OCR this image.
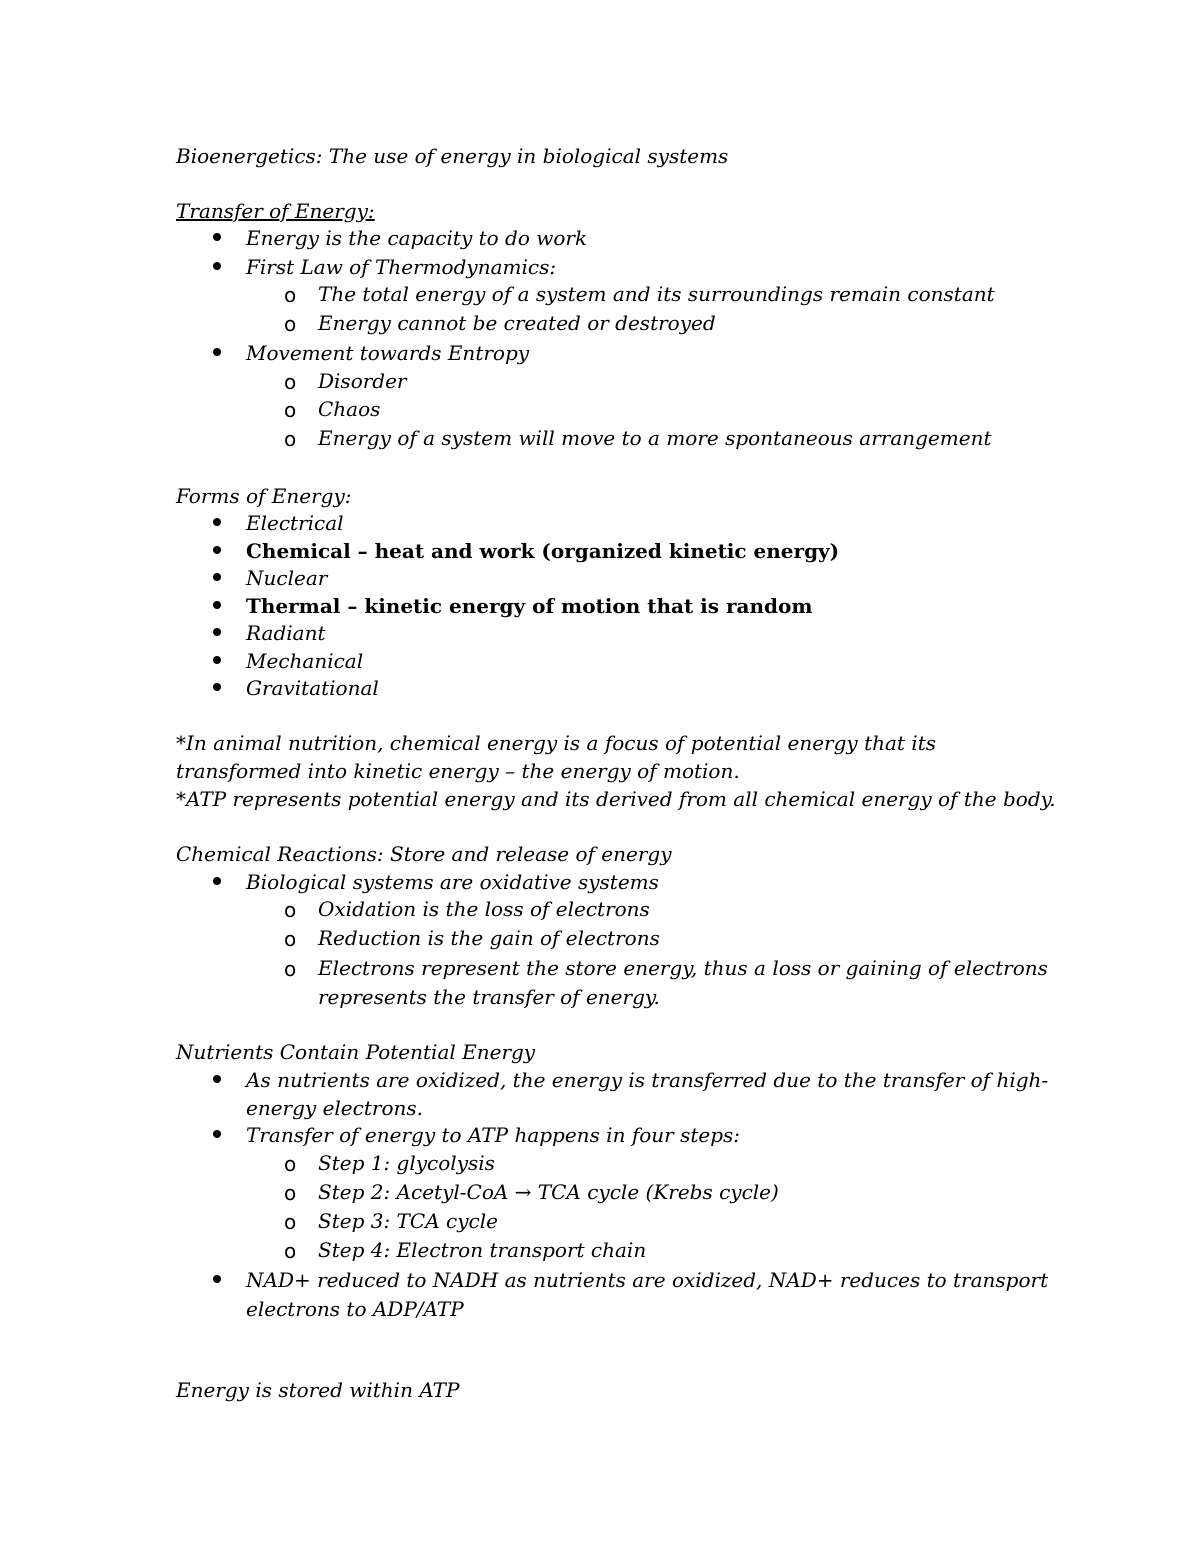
Bioenergetics: The use of energy in biological systems
Transfer of Energy:
Energy is the capacity to do work
First Law of Thermodynamics:
o The total energy of a system and its surroundings remain constant
o Energy cannot be created or destroyed
Movement towards Entropy
o Disorder
o Chaos
o Energy of a system will move to a more spontaneous arrangement
Forms of Energy:
Electrical
Chemical – heat and work (organized kinetic energy)
Nuclear
Thermal – kinetic energy of motion that is random
Radiant
Mechanical
Gravitational
*In animal nutrition, chemical energy is a focus of potential energy that its
transformed into kinetic energy – the energy of motion.
*ATP represents potential energy and its derived from all chemical energy of the body.
Chemical Reactions: Store and release of energy
Biological systems are oxidative systems
o Oxidation is the loss of electrons
o Reduction is the gain of electrons
o Electrons represent the store energy, thus a loss or gaining of electrons
represents the transfer of energy.
Nutrients Contain Potential Energy
As nutrients are oxidized, the energy is transferred due to the transfer of high-
energy electrons.
Transfer of energy to ATP happens in four steps:
o Step 1: glycolysis
o Step 2: Acetyl-CoA → TCA cycle (Krebs cycle)
o Step 3: TCA cycle
o Step 4: Electron transport chain
NAD+ reduced to NADH as nutrients are oxidized, NAD+ reduces to transport
electrons to ADP/ATP
Energy is stored within ATP
